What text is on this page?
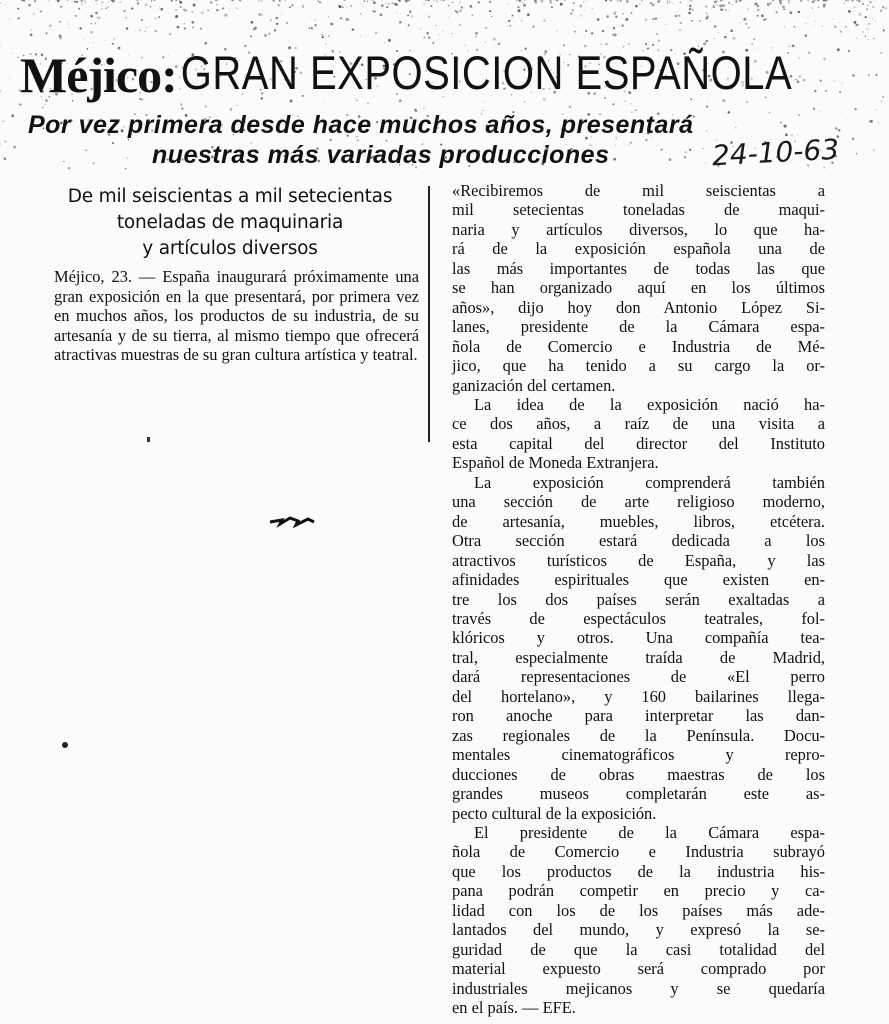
Méjico: GRAN EXPOSICION ESPAÑOLA
Por vez primera desde hace muchos años, presentará
nuestras más variadas producciones	24-10-63
De mil seiscientas a mil setecientas
toneladas de maquinaria
y artículos diversos
Méjico, 23. — España inaugurará próximamente una gran exposición en la que presentará, por primera vez en muchos años, los productos de su industria, de su artesanía y de su tierra, al mismo tiempo que ofrecerá atractivas muestras de su gran cultura artística y teatral.
«Recibiremos de mil seiscientas a
mil setecientas toneladas de maqui-
naria y artículos diversos, lo que ha-
rá de la exposición española una de
las más importantes de todas las que
se han organizado aquí en los últimos
años», dijo hoy don Antonio López Si-
lanes, presidente de la Cámara espa-
ñola de Comercio e Industria de Mé-
jico, que ha tenido a su cargo la or-
ganización del certamen.
La idea de la exposición nació ha-
ce dos años, a raíz de una visita a
esta capital del director del Instituto
Español de Moneda Extranjera.
La exposición comprenderá también
una sección de arte religioso moderno,
de artesanía, muebles, libros, etcétera.
Otra sección estará dedicada a los
atractivos turísticos de España, y las
afinidades espirituales que existen en-
tre los dos países serán exaltadas a
través de espectáculos teatrales, fol-
klóricos y otros. Una compañía tea-
tral, especialmente traída de Madrid,
dará representaciones de «El perro
del hortelano», y 160 bailarines llega-
ron anoche para interpretar las dan-
zas regionales de la Península. Docu-
mentales cinematográficos y repro-
ducciones de obras maestras de los
grandes museos completarán este as-
pecto cultural de la exposición.
El presidente de la Cámara espa-
ñola de Comercio e Industria subrayó
que los productos de la industria his-
pana podrán competir en precio y ca-
lidad con los de los países más ade-
lantados del mundo, y expresó la se-
guridad de que la casi totalidad del
material expuesto será comprado por
industriales mejicanos y se quedaría
en el país. — EFE.
